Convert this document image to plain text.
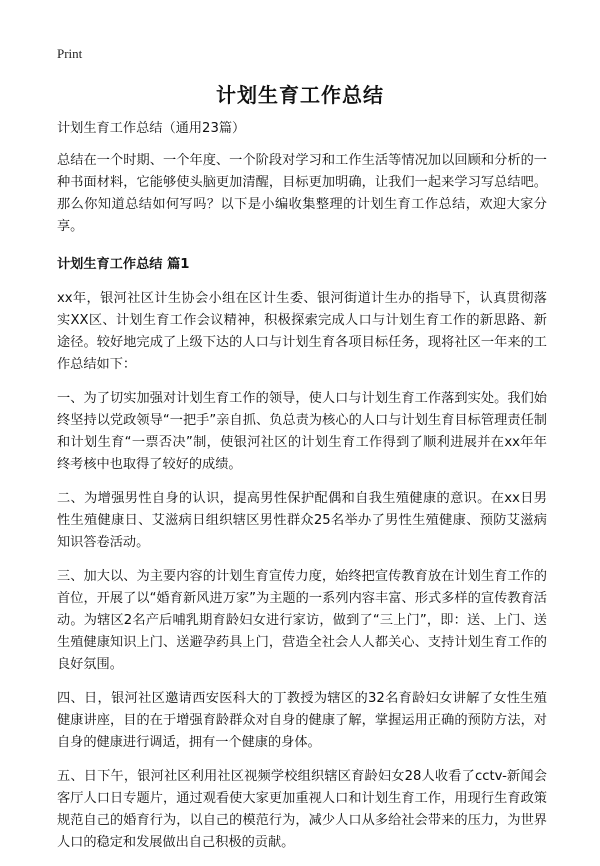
Print
计划生育工作总结

计划生育工作总结（通用23篇）

总结在一个时期、一个年度、一个阶段对学习和工作生活等情况加以回顾和分析的一种书面材料，它能够使头脑更加清醒，目标更加明确，让我们一起来学习写总结吧。那么你知道总结如何写吗？以下是小编收集整理的计划生育工作总结，欢迎大家分享。

计划生育工作总结 篇1

xx年，银河社区计生协会小组在区计生委、银河街道计生办的指导下，认真贯彻落实XX区、计划生育工作会议精神，积极探索完成人口与计划生育工作的新思路、新途径。较好地完成了上级下达的人口与计划生育各项目标任务，现将社区一年来的工作总结如下：

一、为了切实加强对计划生育工作的领导，使人口与计划生育工作落到实处。我们始终坚持以党政领导“一把手”亲自抓、负总责为核心的人口与计划生育目标管理责任制和计划生育“一票否决”制，使银河社区的计划生育工作得到了顺利进展并在xx年年终考核中也取得了较好的成绩。

二、为增强男性自身的认识，提高男性保护配偶和自我生殖健康的意识。在xx日男性生殖健康日、艾滋病日组织辖区男性群众25名举办了男性生殖健康、预防艾滋病知识答卷活动。

三、加大以、为主要内容的计划生育宣传力度，始终把宣传教育放在计划生育工作的首位，开展了以“婚育新风进万家”为主题的一系列内容丰富、形式多样的宣传教育活动。为辖区2名产后哺乳期育龄妇女进行家访，做到了“三上门”，即：送、上门、送生殖健康知识上门、送避孕药具上门，营造全社会人人都关心、支持计划生育工作的良好氛围。

四、日，银河社区邀请西安医科大的丁教授为辖区的32名育龄妇女讲解了女性生殖健康讲座，目的在于增强育龄群众对自身的健康了解，掌握运用正确的预防方法，对自身的健康进行调适，拥有一个健康的身体。

五、日下午，银河社区利用社区视频学校组织辖区育龄妇女28人收看了cctv-新闻会客厅人口日专题片，通过观看使大家更加重视人口和计划生育工作，用现行生育政策规范自己的婚育行为，以自己的模范行为，减少人口从多给社会带来的压力，为世界人口的稳定和发展做出自己积极的贡献。
